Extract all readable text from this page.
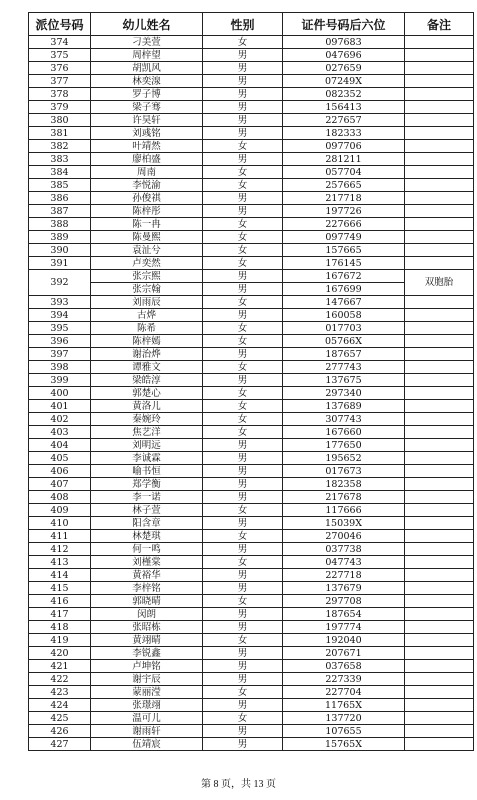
派位号码	幼儿姓名	性别	证件号码后六位	备注
374	刁美萱	女	097683	
375	周梓望	男	047696	
376	胡凯风	男	027659	
377	林奕湶	男	07249X	
378	罗子博	男	082352	
379	梁子骞	男	156413	
380	许昊轩	男	227657	
381	刘彧铭	男	182333	
382	叶靖然	女	097706	
383	廖柏盛	男	281211	
384	周南	女	057704	
385	李悦渝	女	257665	
386	孙俊祺	男	217718	
387	陈梓彤	男	197726	
388	陈一冉	女	227666	
389	陈曼熙	女	097749	
390	袁沚兮	女	157665	
391	卢奕然	女	176145	
392	张宗熙	男	167672	双胞胎
	张宗翰	男	167699	
393	刘雨辰	女	147667	
394	古烨	男	160058	
395	陈希	女	017703	
396	陈梓嫣	女	05766X	
397	谢治烨	男	187657	
398	谭雅文	女	277743	
399	梁皓淳	男	137675	
400	郭楚心	女	297340	
401	黄洛儿	女	137689	
402	秦婉玲	女	307743	
403	焦艺洋	女	167660	
404	刘明远	男	177650	
405	李诚霖	男	195652	
406	喻书恒	男	017673	
407	郑学衡	男	182358	
408	李一诺	男	217678	
409	林子萱	女	117666	
410	阳含章	男	15039X	
411	林楚琪	女	270046	
412	何一鸣	男	037738	
413	刘槿棠	女	047743	
414	黄裕华	男	227718	
415	李梓铭	男	137679	
416	郭晓晴	女	297708	
417	闵朗	男	187654	
418	张昭栋	男	197774	
419	黄翊晴	女	192040	
420	李锐鑫	男	207671	
421	卢坤铭	男	037658	
422	谢宇辰	男	227339	
423	蒙丽滢	女	227704	
424	张璟翊	男	11765X	
425	温可儿	女	137720	
426	谢雨轩	男	107655	
427	伍靖宸	男	15765X	
第 8 页，共 13 页
